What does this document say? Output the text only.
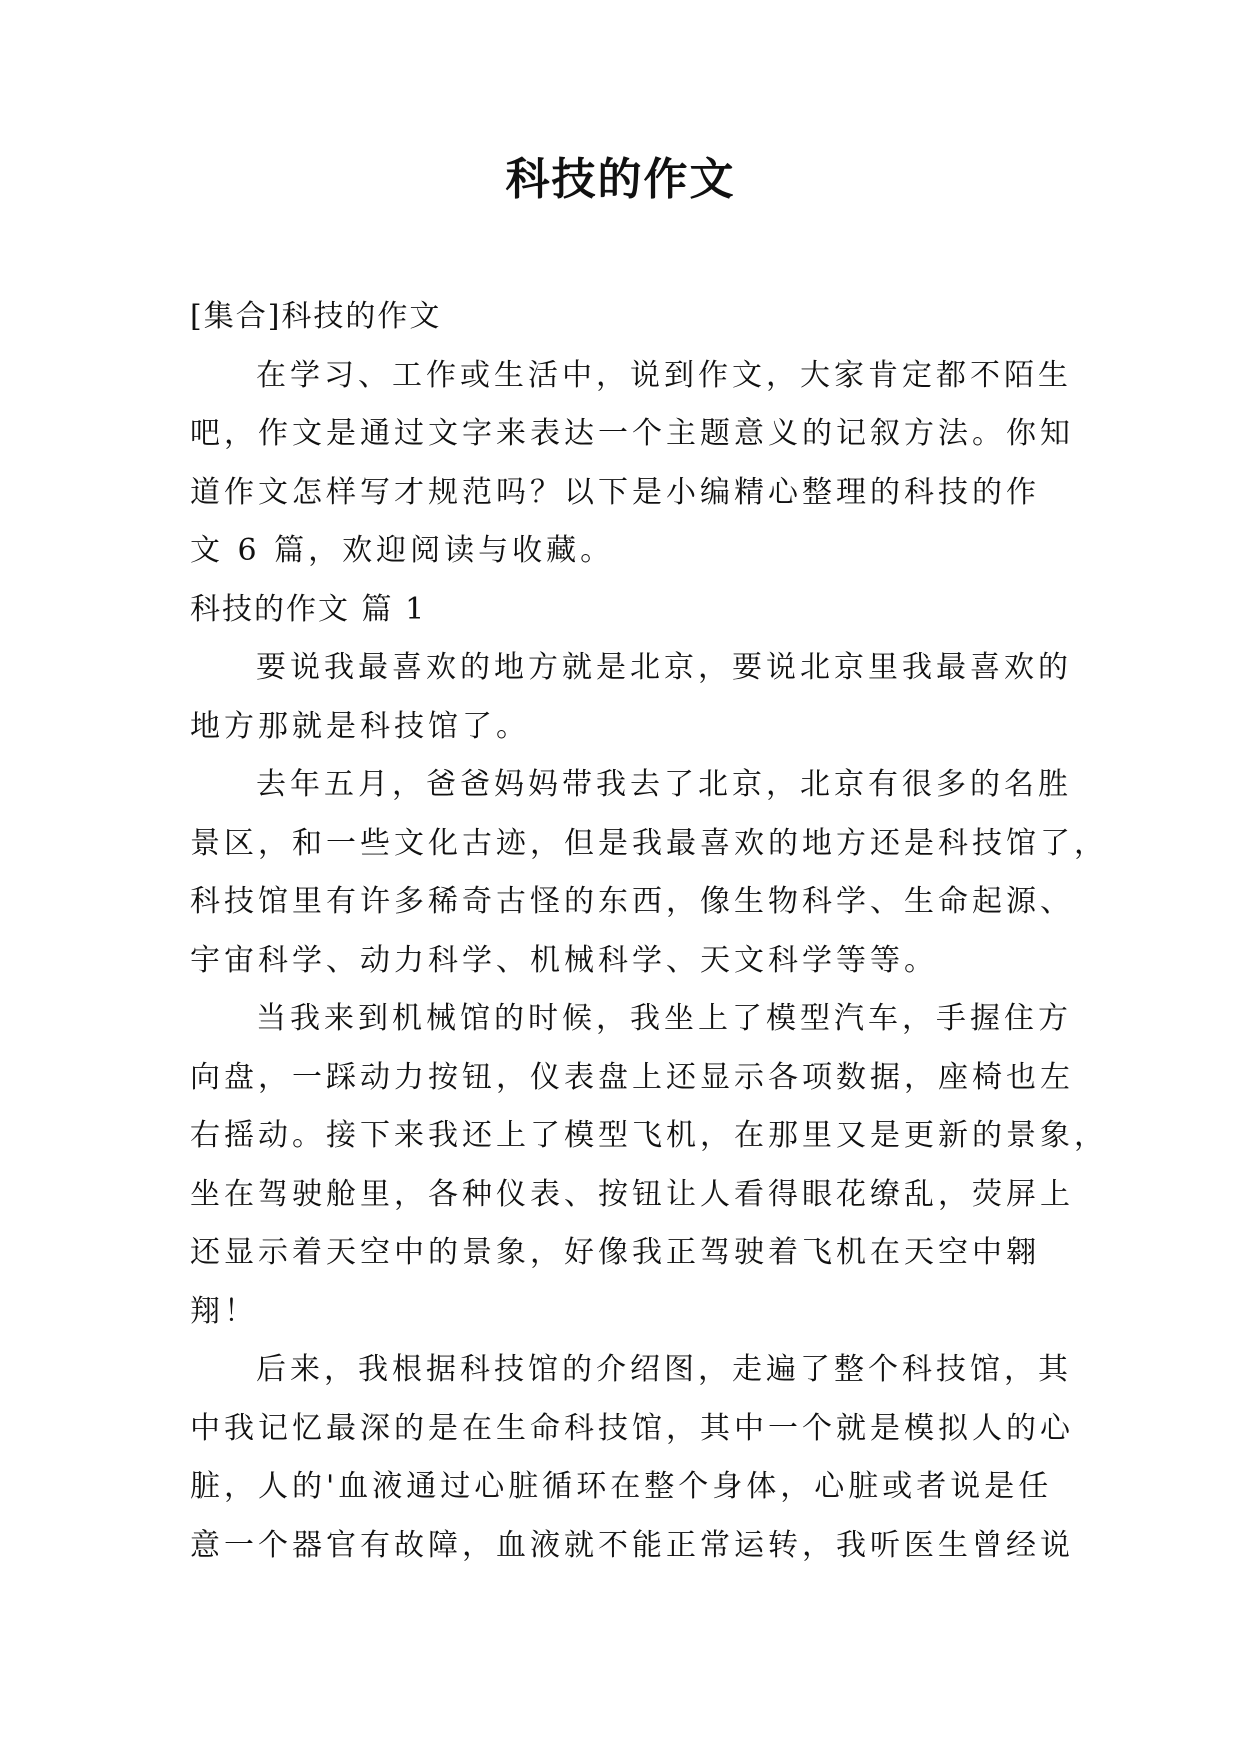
科技的作文
[集合]科技的作文
在学习、工作或生活中，说到作文，大家肯定都不陌生
吧，作文是通过文字来表达一个主题意义的记叙方法。你知
道作文怎样写才规范吗？以下是小编精心整理的科技的作
文 6 篇，欢迎阅读与收藏。
科技的作文 篇 1
要说我最喜欢的地方就是北京，要说北京里我最喜欢的
地方那就是科技馆了。
去年五月，爸爸妈妈带我去了北京，北京有很多的名胜
景区，和一些文化古迹，但是我最喜欢的地方还是科技馆了，
科技馆里有许多稀奇古怪的东西，像生物科学、生命起源、
宇宙科学、动力科学、机械科学、天文科学等等。
当我来到机械馆的时候，我坐上了模型汽车，手握住方
向盘，一踩动力按钮，仪表盘上还显示各项数据，座椅也左
右摇动。接下来我还上了模型飞机，在那里又是更新的景象，
坐在驾驶舱里，各种仪表、按钮让人看得眼花缭乱，荧屏上
还显示着天空中的景象，好像我正驾驶着飞机在天空中翱
翔！
后来，我根据科技馆的介绍图，走遍了整个科技馆，其
中我记忆最深的是在生命科技馆，其中一个就是模拟人的心
脏，人的'血液通过心脏循环在整个身体，心脏或者说是任
意一个器官有故障，血液就不能正常运转，我听医生曾经说
